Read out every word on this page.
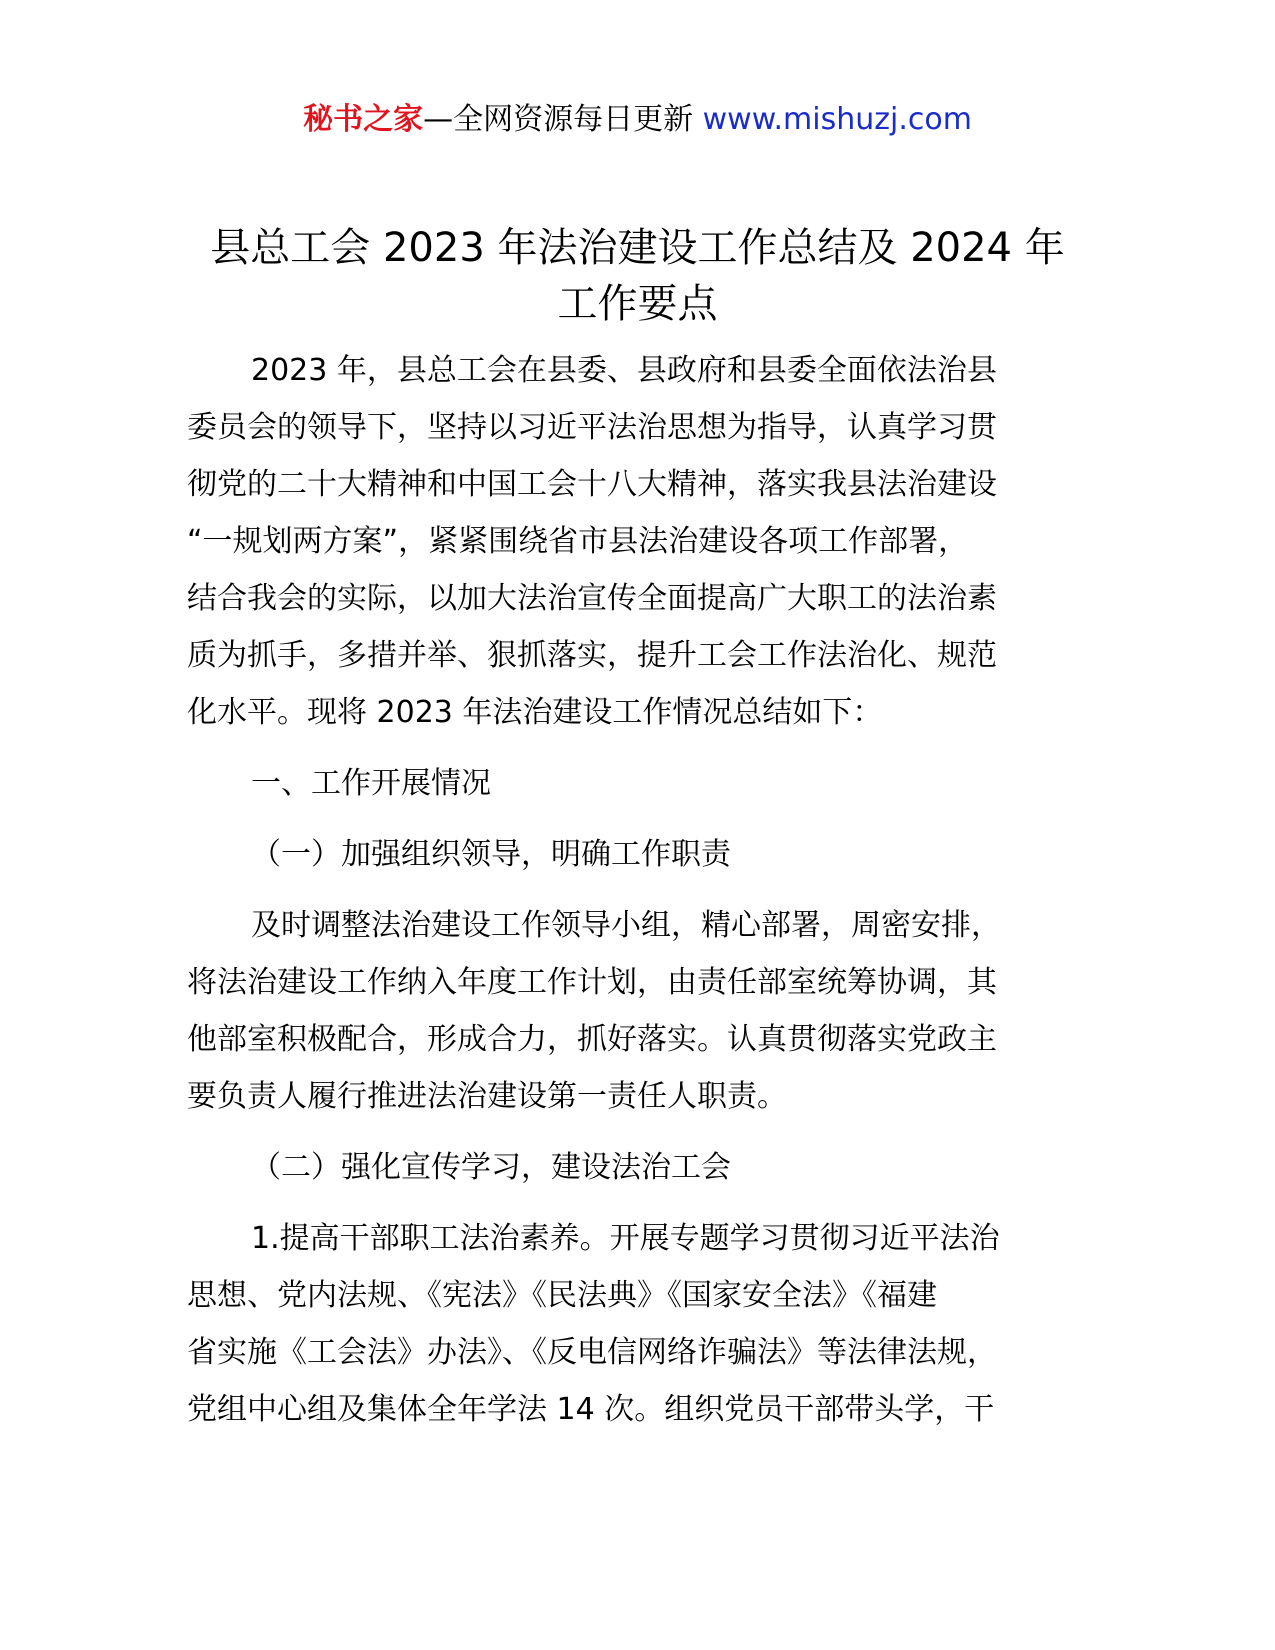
秘书之家—全网资源每日更新 www.mishuzj.com
县总工会 2023 年法治建设工作总结及 2024 年
工作要点
2023 年，县总工会在县委、县政府和县委全面依法治县
委员会的领导下，坚持以习近平法治思想为指导，认真学习贯
彻党的二十大精神和中国工会十八大精神，落实我县法治建设
“一规划两方案”，紧紧围绕省市县法治建设各项工作部署，
结合我会的实际，以加大法治宣传全面提高广大职工的法治素
质为抓手，多措并举、狠抓落实，提升工会工作法治化、规范
化水平。现将 2023 年法治建设工作情况总结如下：
一、工作开展情况
（一）加强组织领导，明确工作职责
及时调整法治建设工作领导小组，精心部署，周密安排，
将法治建设工作纳入年度工作计划，由责任部室统筹协调，其
他部室积极配合，形成合力，抓好落实。认真贯彻落实党政主
要负责人履行推进法治建设第一责任人职责。
（二）强化宣传学习，建设法治工会
1.提高干部职工法治素养。开展专题学习贯彻习近平法治
思想、党内法规、《宪法》《民法典》《国家安全法》《福建
省实施《工会法》办法》、《反电信网络诈骗法》等法律法规，
党组中心组及集体全年学法 14 次。组织党员干部带头学，干
